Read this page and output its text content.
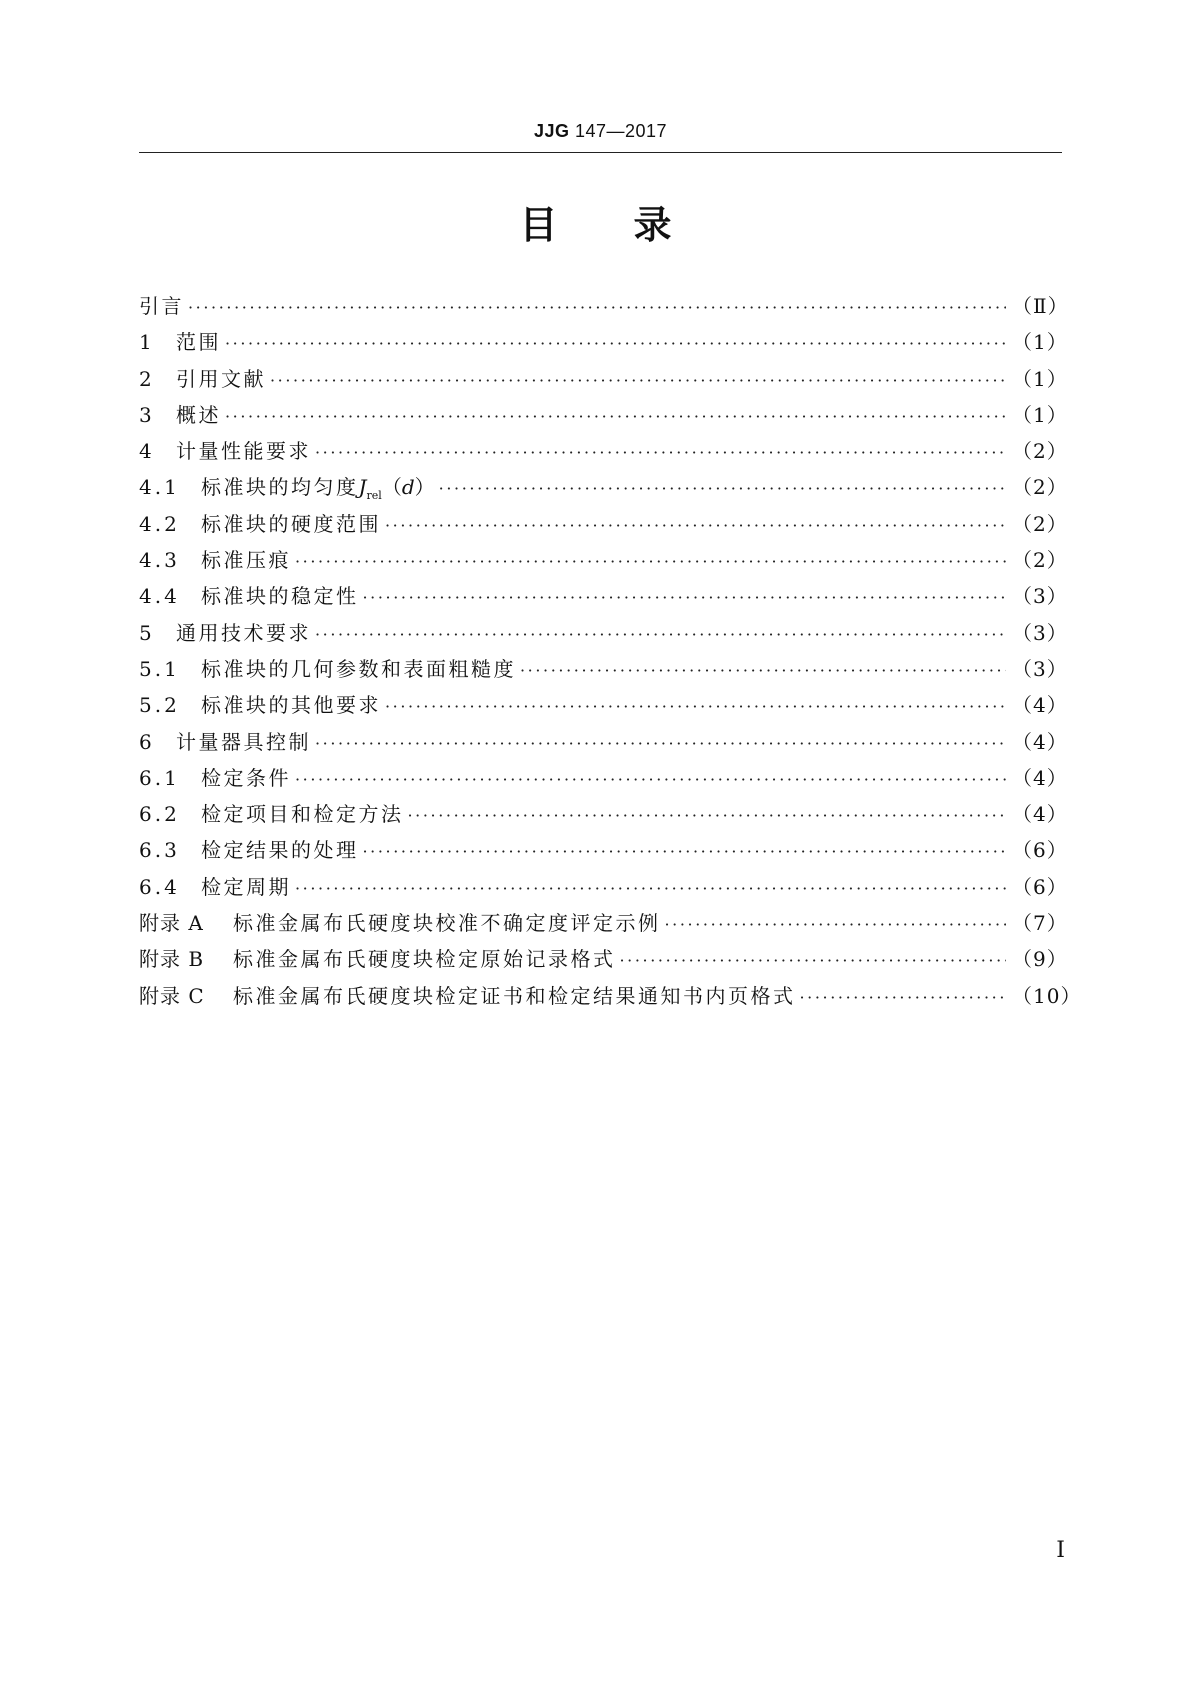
JJG 147—2017
目 录
引言 ·····	（Ⅱ）
1	范围 ·····	（1）
2	引用文献 ·····	（1）
3	概述 ·····	（1）
4	计量性能要求 ·····	（2）
4.1	标准块的均匀度 $J_{rel}(d)$ ·····	（2）
4.2	标准块的硬度范围 ·····	（2）
4.3	标准压痕 ·····	（2）
4.4	标准块的稳定性 ·····	（3）
5	通用技术要求 ·····	（3）
5.1	标准块的几何参数和表面粗糙度 ·····	（3）
5.2	标准块的其他要求 ·····	（4）
6	计量器具控制 ·····	（4）
6.1	检定条件 ·····	（4）
6.2	检定项目和检定方法 ·····	（4）
6.3	检定结果的处理 ·····	（6）
6.4	检定周期 ·····	（6）
附录 A	标准金属布氏硬度块校准不确定度评定示例 ·····	（7）
附录 B	标准金属布氏硬度块检定原始记录格式 ·····	（9）
附录 C	标准金属布氏硬度块检定证书和检定结果通知书内页格式 ·····	（10）
Ⅰ
